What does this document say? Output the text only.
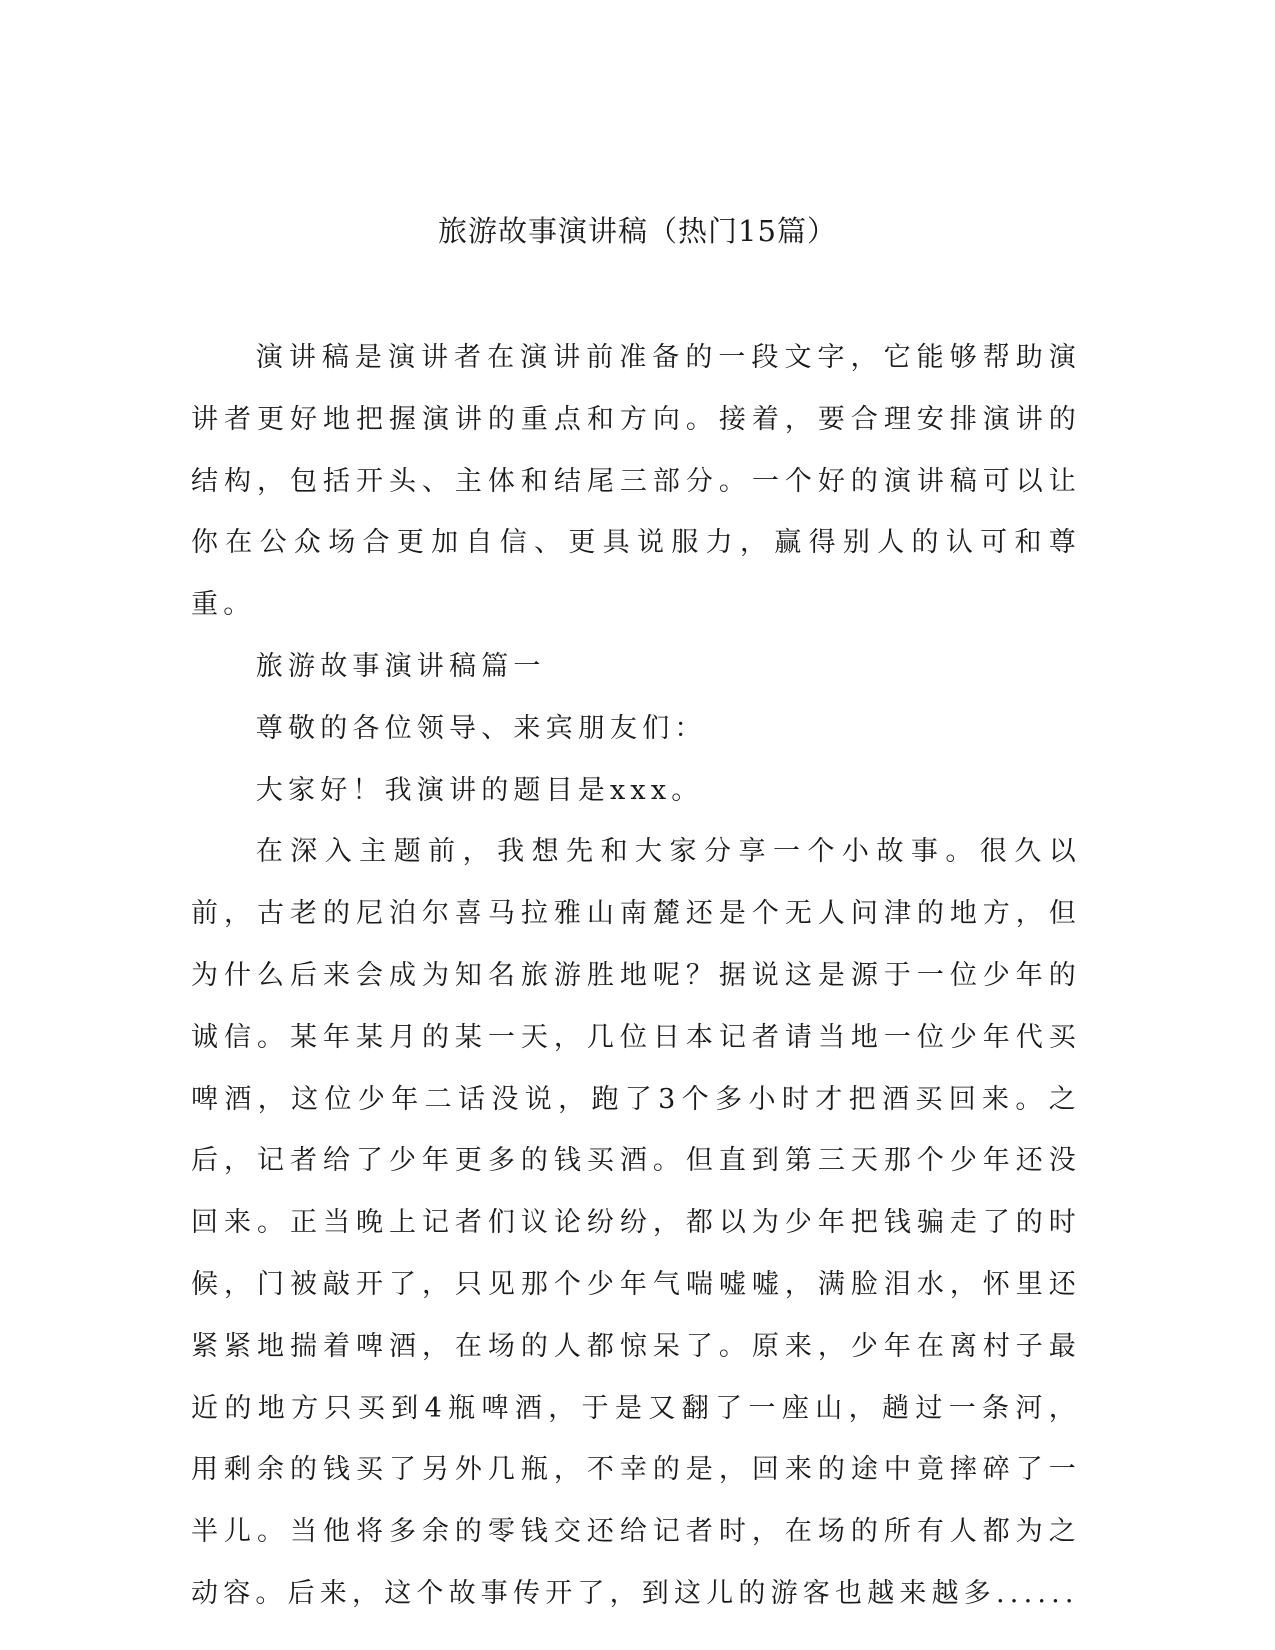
旅游故事演讲稿（热门15篇）

演讲稿是演讲者在演讲前准备的一段文字，它能够帮助演讲者更好地把握演讲的重点和方向。接着，要合理安排演讲的结构，包括开头、主体和结尾三部分。一个好的演讲稿可以让你在公众场合更加自信、更具说服力，赢得别人的认可和尊重。

旅游故事演讲稿篇一

尊敬的各位领导、来宾朋友们：

大家好！我演讲的题目是xxx。

在深入主题前，我想先和大家分享一个小故事。很久以前，古老的尼泊尔喜马拉雅山南麓还是个无人问津的地方，但为什么后来会成为知名旅游胜地呢？据说这是源于一位少年的诚信。某年某月的某一天，几位日本记者请当地一位少年代买啤酒，这位少年二话没说，跑了3个多小时才把酒买回来。之后，记者给了少年更多的钱买酒。但直到第三天那个少年还没回来。正当晚上记者们议论纷纷，都以为少年把钱骗走了的时候，门被敲开了，只见那个少年气喘嘘嘘，满脸泪水，怀里还紧紧地揣着啤酒，在场的人都惊呆了。原来，少年在离村子最近的地方只买到4瓶啤酒，于是又翻了一座山，趟过一条河，用剩余的钱买了另外几瓶，不幸的是，回来的途中竟摔碎了一半儿。当他将多余的零钱交还给记者时，在场的所有人都为之动容。后来，这个故事传开了，到这儿的游客也越来越多......
